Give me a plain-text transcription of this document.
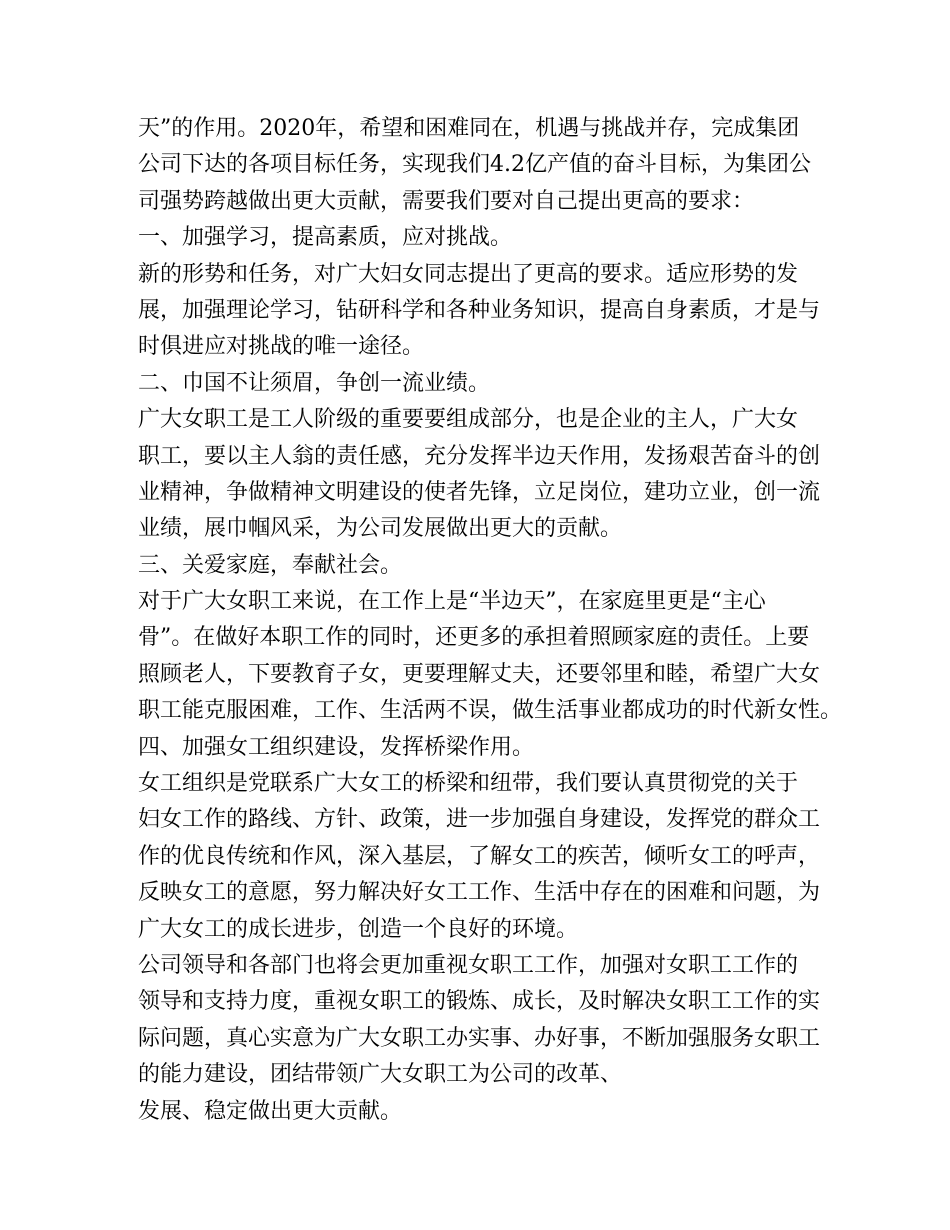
天”的作用。2020年，希望和困难同在，机遇与挑战并存，完成集团
公司下达的各项目标任务，实现我们4.2亿产值的奋斗目标，为集团公
司强势跨越做出更大贡献，需要我们要对自己提出更高的要求：
一、加强学习，提高素质，应对挑战。
新的形势和任务，对广大妇女同志提出了更高的要求。适应形势的发
展，加强理论学习，钻研科学和各种业务知识，提高自身素质，才是与
时俱进应对挑战的唯一途径。
二、巾国不让须眉，争创一流业绩。
广大女职工是工人阶级的重要要组成部分，也是企业的主人，广大女
职工，要以主人翁的责任感，充分发挥半边天作用，发扬艰苦奋斗的创
业精神，争做精神文明建设的使者先锋，立足岗位，建功立业，创一流
业绩，展巾帼风采，为公司发展做出更大的贡献。
三、关爱家庭，奉献社会。
对于广大女职工来说，在工作上是“半边天”，在家庭里更是“主心
骨”。在做好本职工作的同时，还更多的承担着照顾家庭的责任。上要
照顾老人，下要教育子女，更要理解丈夫，还要邻里和睦，希望广大女
职工能克服困难，工作、生活两不误，做生活事业都成功的时代新女性。
四、加强女工组织建设，发挥桥梁作用。
女工组织是党联系广大女工的桥梁和纽带，我们要认真贯彻党的关于
妇女工作的路线、方针、政策，进一步加强自身建设，发挥党的群众工
作的优良传统和作风，深入基层，了解女工的疾苦，倾听女工的呼声，
反映女工的意愿，努力解决好女工工作、生活中存在的困难和问题，为
广大女工的成长进步，创造一个良好的环境。
公司领导和各部门也将会更加重视女职工工作，加强对女职工工作的
领导和支持力度，重视女职工的锻炼、成长，及时解决女职工工作的实
际问题，真心实意为广大女职工办实事、办好事，不断加强服务女职工
的能力建设，团结带领广大女职工为公司的改革、
发展、稳定做出更大贡献。
